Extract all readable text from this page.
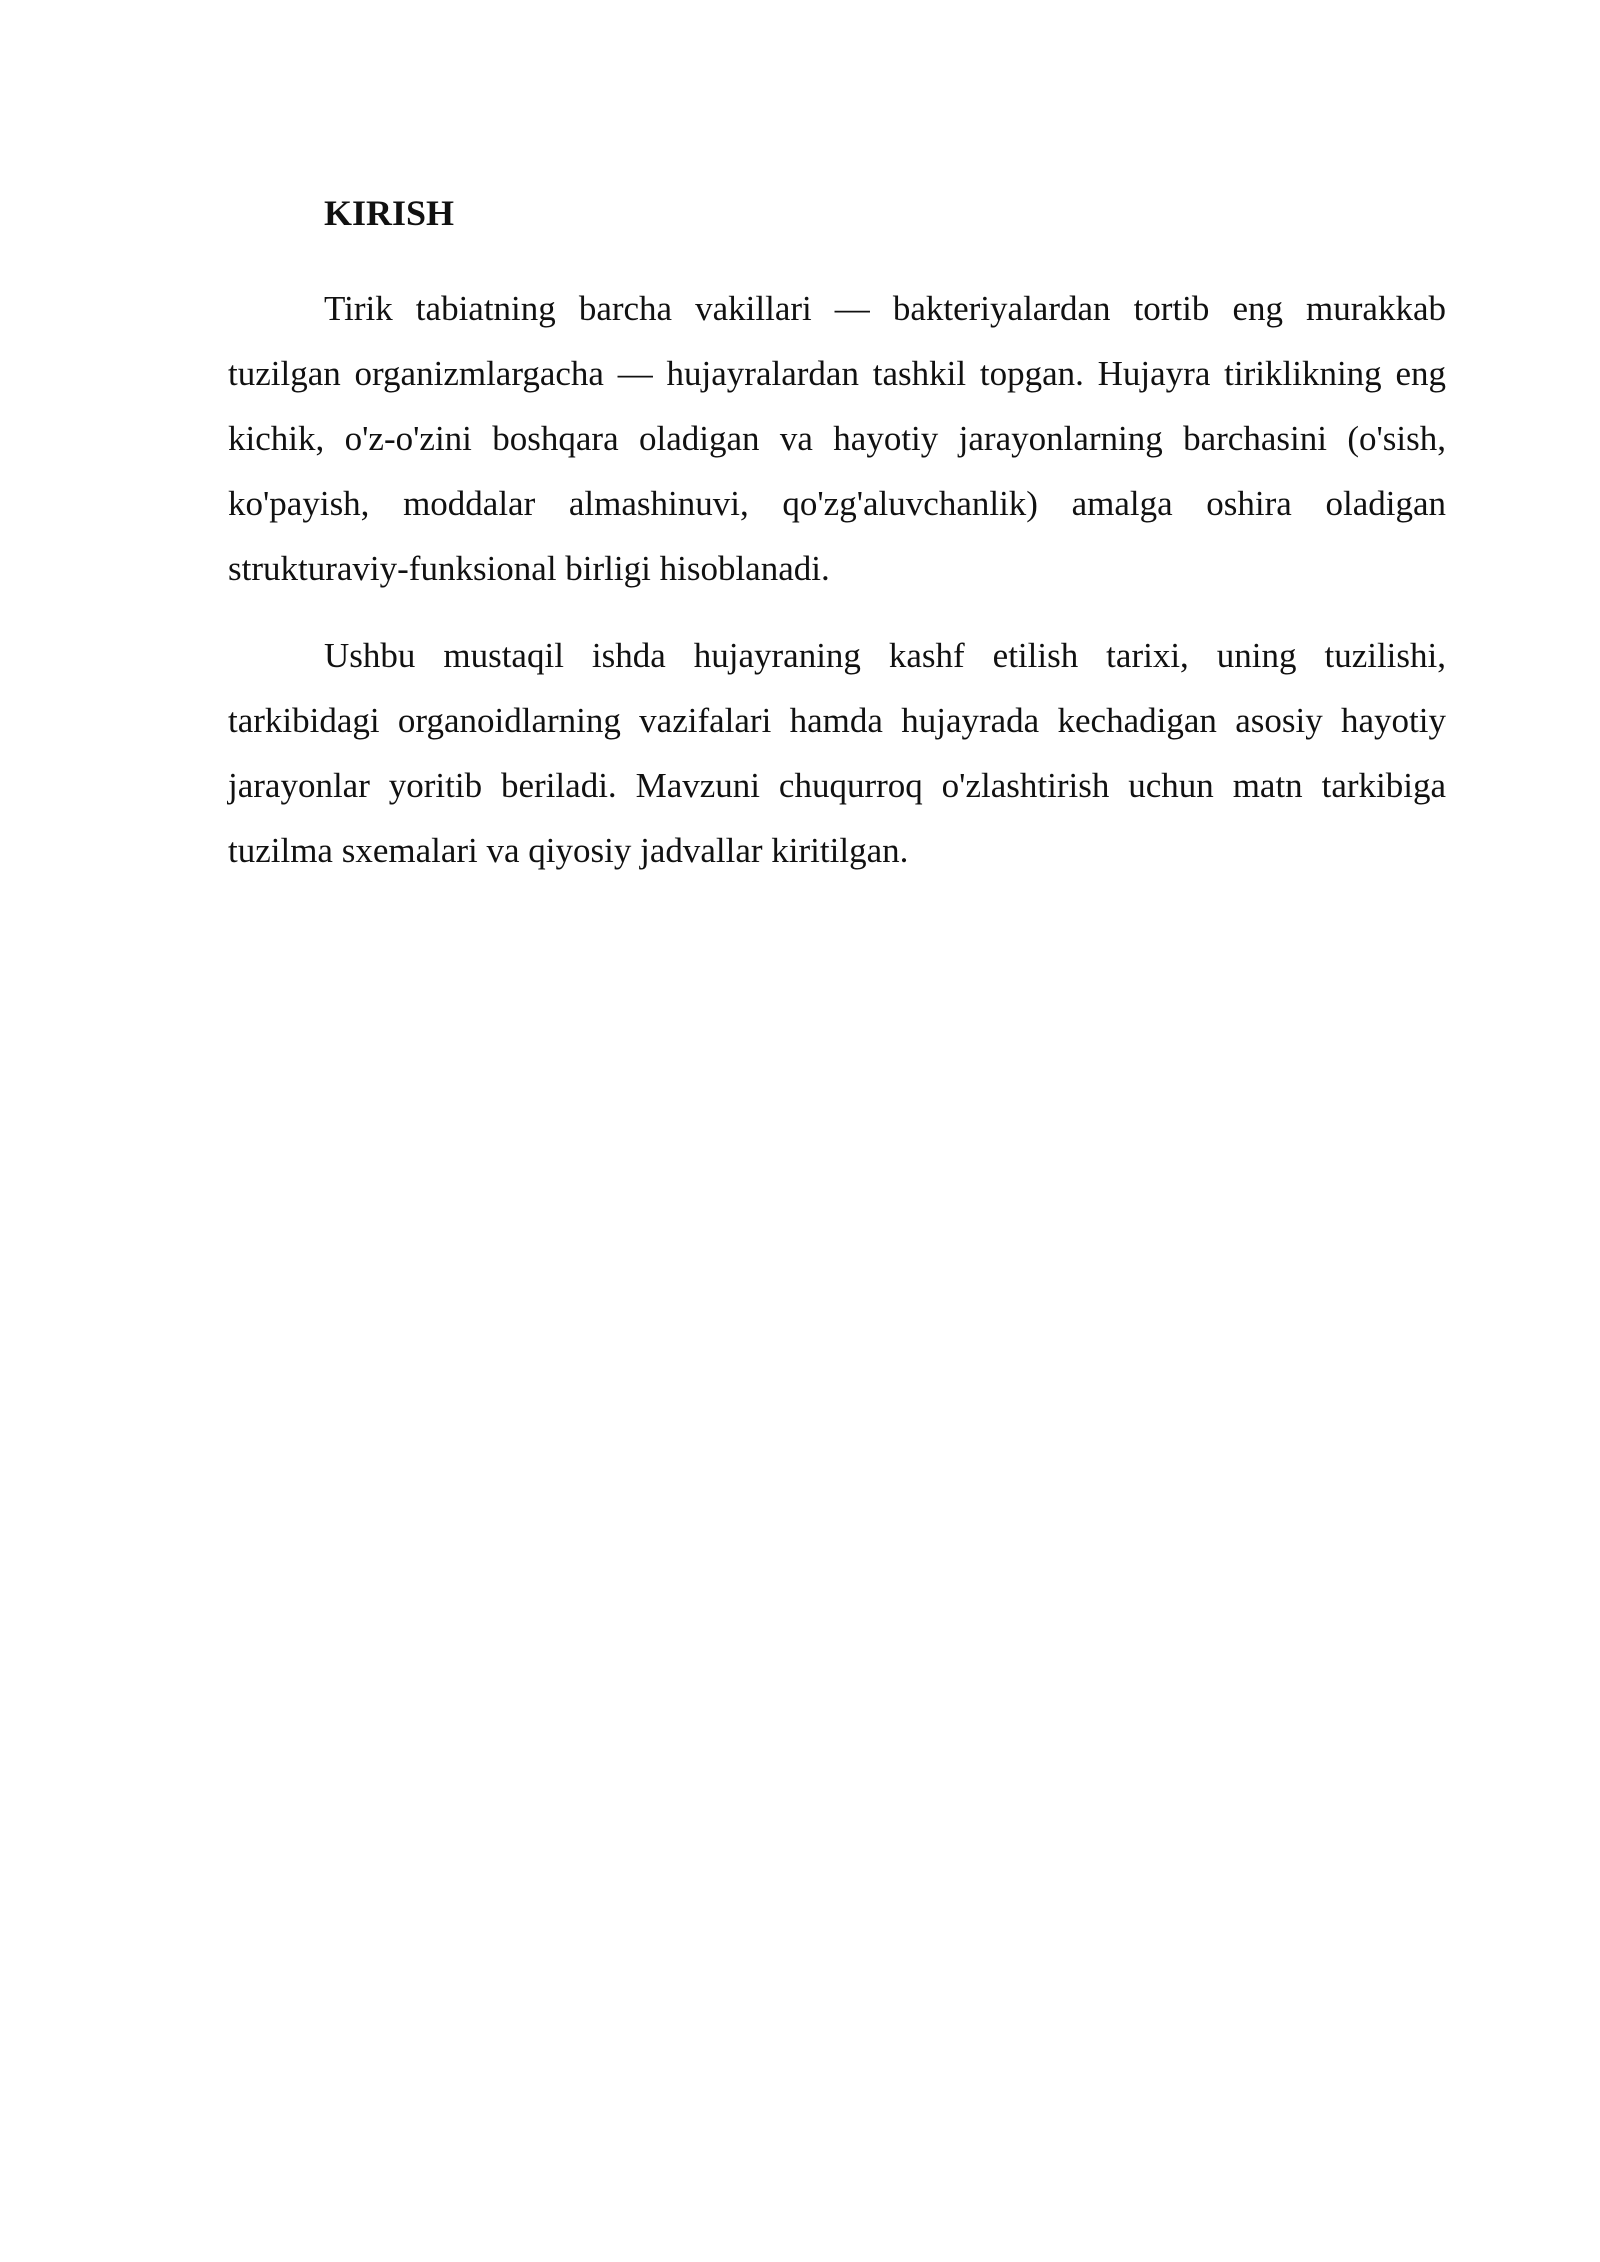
KIRISH

Tirik tabiatning barcha vakillari — bakteriyalardan tortib eng murakkab tuzilgan organizmlargacha — hujayralardan tashkil topgan. Hujayra tiriklikning eng kichik, o'z-o'zini boshqara oladigan va hayotiy jarayonlarning barchasini (o'sish, ko'payish, moddalar almashinuvi, qo'zg'aluvchanlik) amalga oshira oladigan strukturaviy-funksional birligi hisoblanadi.

Ushbu mustaqil ishda hujayraning kashf etilish tarixi, uning tuzilishi, tarkibidagi organoidlarning vazifalari hamda hujayrada kechadigan asosiy hayotiy jarayonlar yoritib beriladi. Mavzuni chuqurroq o'zlashtirish uchun matn tarkibiga tuzilma sxemalari va qiyosiy jadvallar kiritilgan.
